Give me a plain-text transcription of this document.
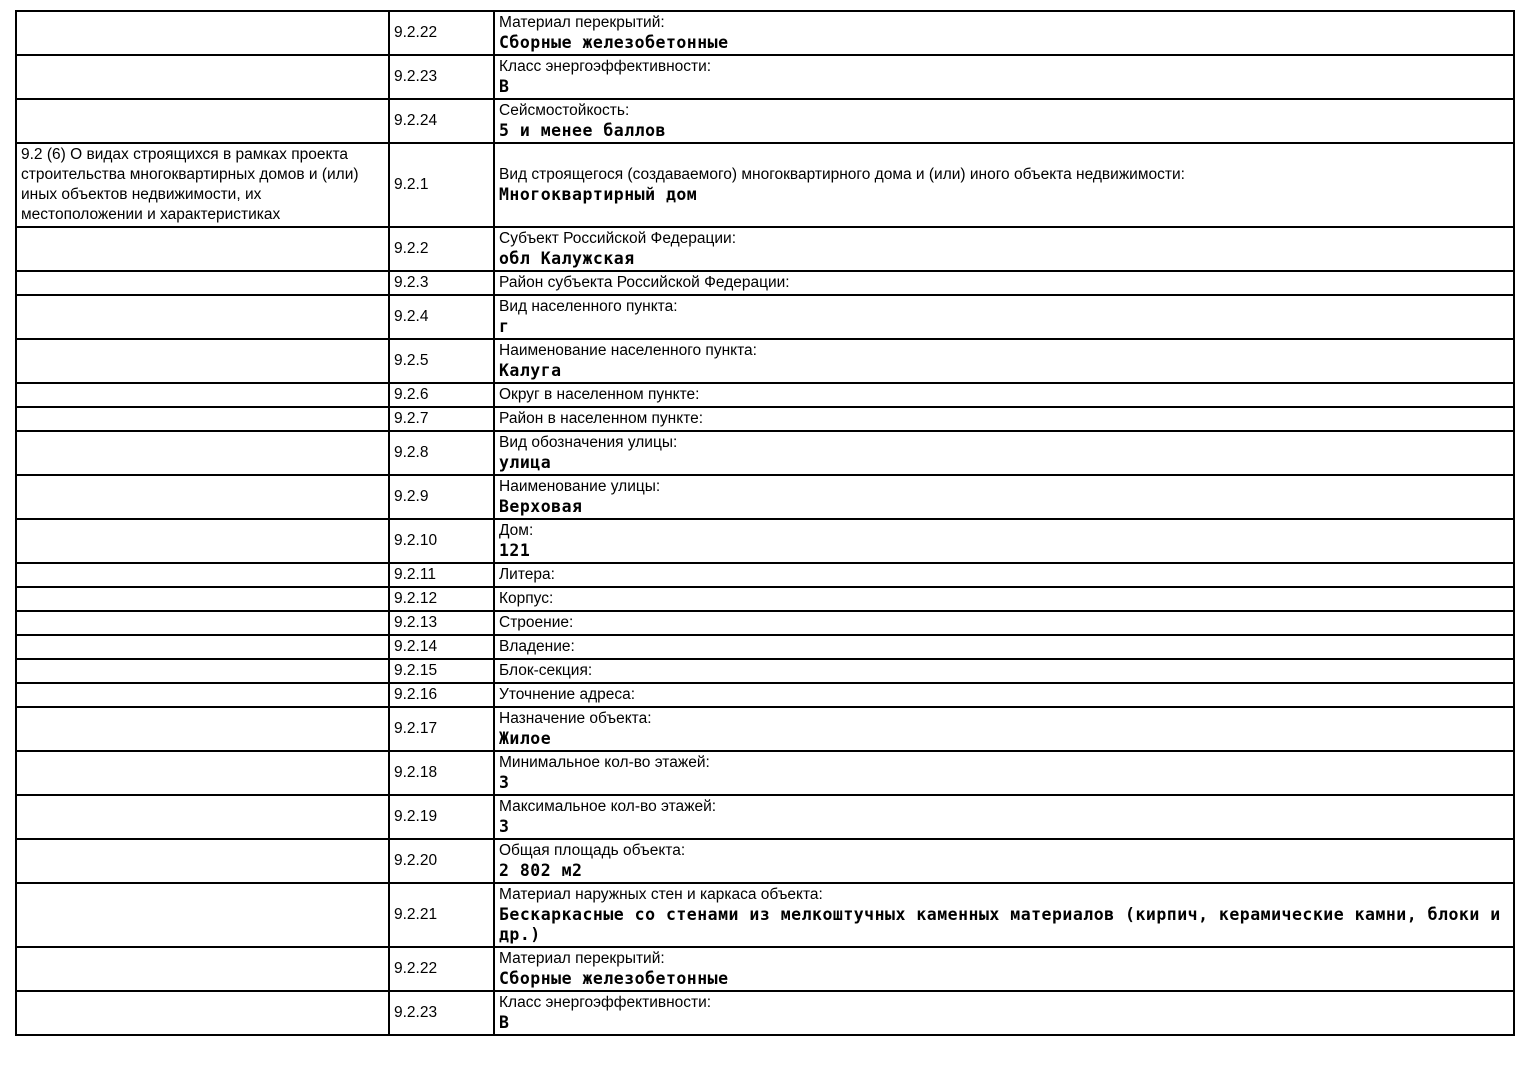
	9.2.22	Материал перекрытий:
Сборные железобетонные

	9.2.23	Класс энергоэффективности:
В

	9.2.24	Сейсмостойкость:
5 и менее баллов

9.2 (6) О видах строящихся в рамках проекта строительства многоквартирных домов и (или) иных объектов недвижимости, их местоположении и характеристиках	9.2.1	Вид строящегося (создаваемого) многоквартирного дома и (или) иного объекта недвижимости:
Многоквартирный дом

	9.2.2	Субъект Российской Федерации:
обл Калужская

	9.2.3	Район субъекта Российской Федерации:

	9.2.4	Вид населенного пункта:
г

	9.2.5	Наименование населенного пункта:
Калуга

	9.2.6	Округ в населенном пункте:

	9.2.7	Район в населенном пункте:

	9.2.8	Вид обозначения улицы:
улица

	9.2.9	Наименование улицы:
Верховая

	9.2.10	Дом:
121

	9.2.11	Литера:

	9.2.12	Корпус:

	9.2.13	Строение:

	9.2.14	Владение:

	9.2.15	Блок-секция:

	9.2.16	Уточнение адреса:

	9.2.17	Назначение объекта:
Жилое

	9.2.18	Минимальное кол-во этажей:
3

	9.2.19	Максимальное кол-во этажей:
3

	9.2.20	Общая площадь объекта:
2 802 м2

	9.2.21	Материал наружных стен и каркаса объекта:
Бескаркасные со стенами из мелкоштучных каменных материалов (кирпич, керамические камни, блоки и др.)

	9.2.22	Материал перекрытий:
Сборные железобетонные

	9.2.23	Класс энергоэффективности:
В
